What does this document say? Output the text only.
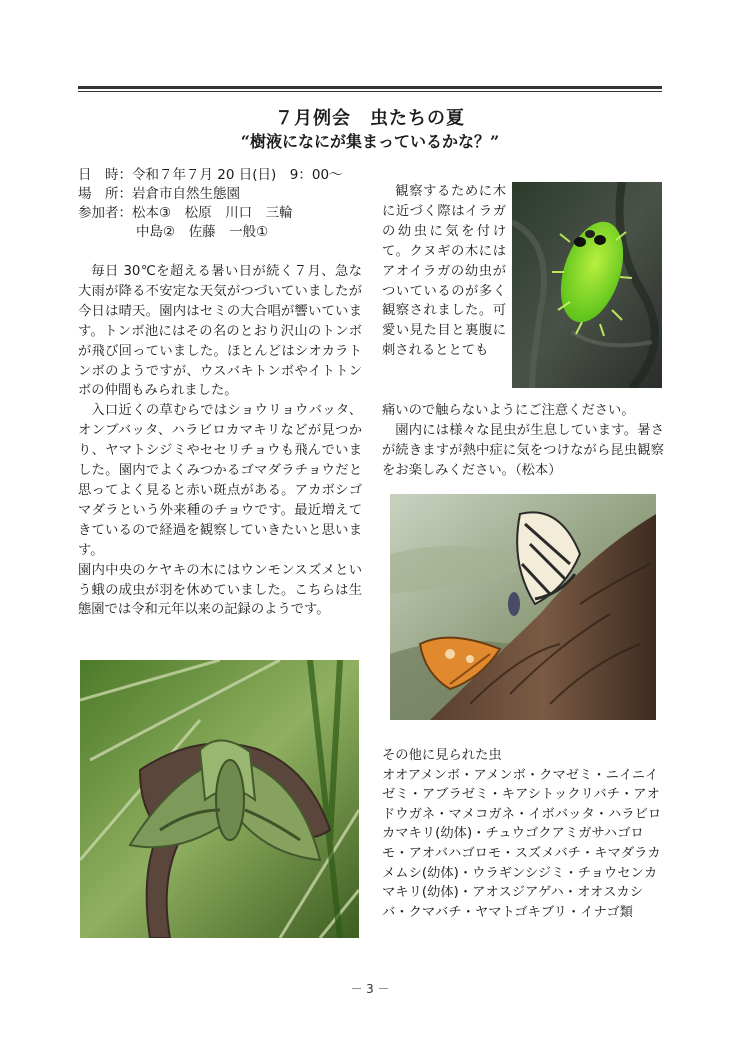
７月例会　虫たちの夏
“樹液になにが集まっているかな？”
日　時： 令和７年７月 20 日(日)　9：00〜
場　所： 岩倉市自然生態園
参加者： 松本③　松原　川口　三輪
中島②　佐藤　一般①

毎日 30℃を超える暑い日が続く７月、急な大雨が降る不安定な天気がつづいていましたが今日は晴天。園内はセミの大合唱が響いています。トンボ池にはその名のとおり沢山のトンボが飛び回っていました。ほとんどはシオカラトンボのようですが、ウスバキトンボやイトトンボの仲間もみられました。

入口近くの草むらではショウリョウバッタ、オンブバッタ、ハラビロカマキリなどが見つかり、ヤマトシジミやセセリチョウも飛んでいました。園内でよくみつかるゴマダラチョウだと思ってよく見ると赤い斑点がある。アカボシゴマダラという外来種のチョウです。最近増えてきているので経過を観察していきたいと思います。

園内中央のケヤキの木にはウンモンスズメという蛾の成虫が羽を休めていました。こちらは生態園では令和元年以来の記録のようです。

観察するために木に近づく際はイラガの幼虫に気を付けて。クヌギの木にはアオイラガの幼虫がついているのが多く観察されました。可愛い見た目と裏腹に刺されるととても

痛いので触らないようにご注意ください。

園内には様々な昆虫が生息しています。暑さが続きますが熱中症に気をつけながら昆虫観察をお楽しみください。（松本）

その他に見られた虫

オオアメンボ・アメンボ・クマゼミ・ニイニイゼミ・アブラゼミ・キアシトックリバチ・アオドウガネ・マメコガネ・イボバッタ・ハラビロカマキリ(幼体)・チュウゴクアミガサハゴロモ・アオバハゴロモ・スズメバチ・キマダラカメムシ(幼体)・ウラギンシジミ・チョウセンカマキリ(幼体)・アオスジアゲハ・オオスカシバ・クマバチ・ヤマトゴキブリ・イナゴ類

－ 3 －
